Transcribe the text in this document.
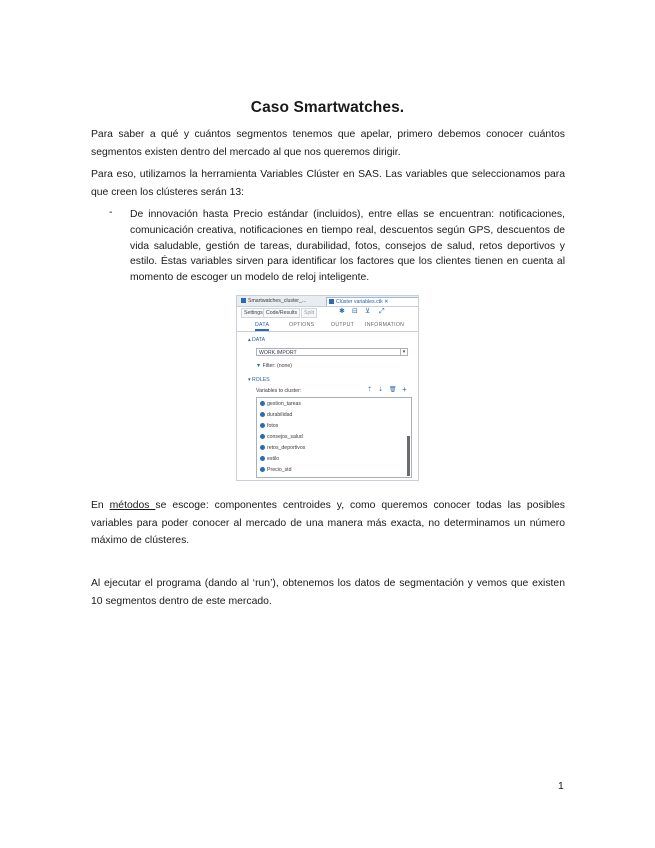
Caso Smartwatches.
Para saber a qué y cuántos segmentos tenemos que apelar, primero debemos conocer cuántos segmentos existen dentro del mercado al que nos queremos dirigir.
Para eso, utilizamos la herramienta Variables Clúster en SAS. Las variables que seleccionamos para que creen los clústeres serán 13:
- De innovación hasta Precio estándar (incluidos), entre ellas se encuentran: notificaciones, comunicación creativa, notificaciones en tiempo real, descuentos según GPS, descuentos de vida saludable, gestión de tareas, durabilidad, fotos, consejos de salud, retos deportivos y estilo. Éstas variables sirven para identificar los factores que los clientes tienen en cuenta al momento de escoger un modelo de reloj inteligente.
Smartwatches_cluster_...	Clúster variables.ctk ✕
Settings Code/Results	Split	✱ ⊟ ⊻ ⤢
DATA	OPTIONS	OUTPUT INFORMATION
▴ DATA
WORK.IMPORT	▾
▼ Filter: (none)
▾ ROLES
Variables to cluster:	⇡ ⇣ 🗑 +
gestion_tareas
durabilidad
fotos
consejos_salud
retos_deportivos
estilo
Precio_std
En métodos se escoge: componentes centroides y, como queremos conocer todas las posibles variables para poder conocer al mercado de una manera más exacta, no determinamos un número máximo de clústeres.
Al ejecutar el programa (dando al ‘run’), obtenemos los datos de segmentación y vemos que existen 10 segmentos dentro de este mercado.
1
